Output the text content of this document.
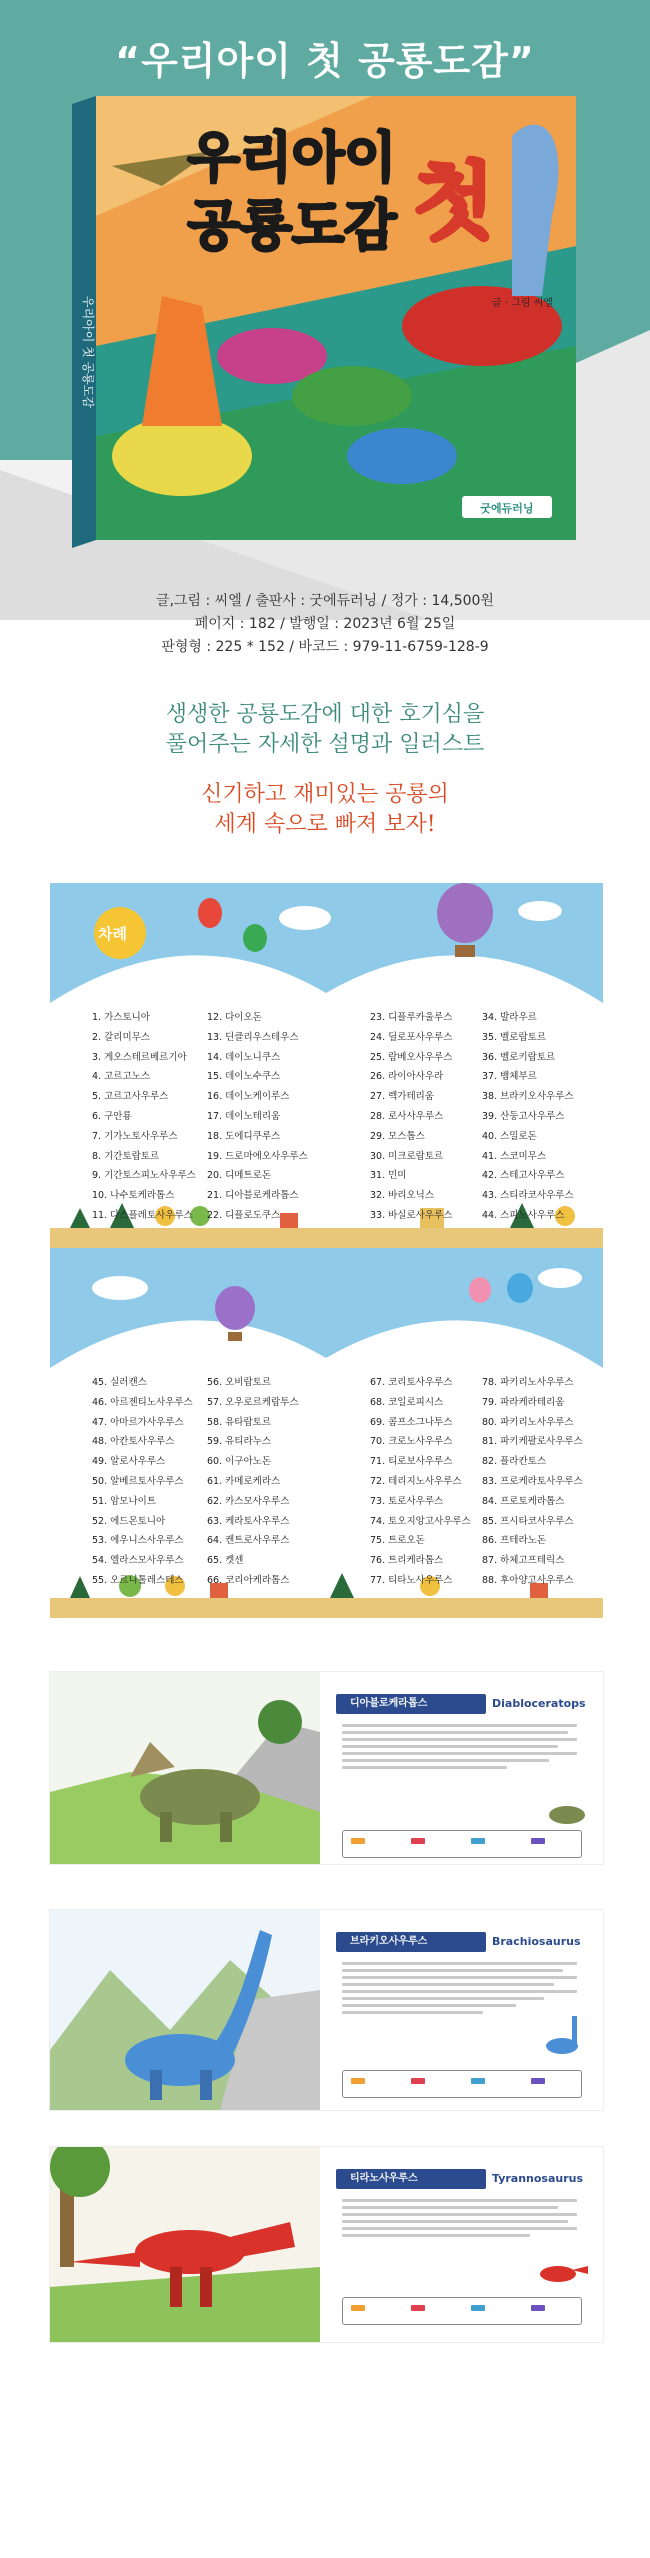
“우리아이 첫 공룡도감”
우리아이
공룡도감 첫
글 · 그림 씨엘
우리아이 첫 공룡도감
굿에듀러닝
글,그림 : 씨엘 / 출판사 : 굿에듀러닝 / 정가 : 14,500원
페이지 : 182 / 발행일 : 2023년 6월 25일
판형형 : 225 * 152 / 바코드 : 979-11-6759-128-9
생생한 공룡도감에 대한 호기심을
풀어주는 자세한 설명과 일러스트
신기하고 재미있는 공룡의
세계 속으로 빠져 보자!
차례
1. 가스토니아
2. 갈리미무스
3. 게오스테르베르기아
4. 고르고노스
5. 고르고사우루스
6. 구안룡
7. 기가노토사우루스
8. 기간토랍토르
9. 기간토스피노사우루스
10. 나수토케라톱스
11. 다스플레토사우루스
12. 다이오돈
13. 딘클리우스테우스
14. 데이노니쿠스
15. 데이노수쿠스
16. 데이노케이루스
17. 데이노테리움
18. 도에디쿠루스
19. 드로마에오사우루스
20. 디메트로돈
21. 디아블로케라톱스
22. 디플로도쿠스
23. 디플루카울루스
24. 딜로포사우루스
25. 람베오사우루스
26. 라이아사우라
27. 렉가테리움
28. 로사사우루스
29. 모스톱스
30. 미크로랍토르
31. 민미
32. 바리오닉스
33. 바실로사우루스
34. 발라우르
35. 벨로랍토르
36. 벨로키랍토르
37. 뱀체부르
38. 브라키오사우루스
39. 산둥고사우루스
40. 스밀로돈
41. 스코미무스
42. 스테고사우루스
43. 스티라코사우루스
44. 스피노사우루스
45. 실러캔스
46. 아르젠티노사우루스
47. 아마르가사우루스
48. 아칸토사우루스
49. 알로사우루스
50. 알베르토사우루스
51. 암모나이트
52. 에드몬토니아
53. 에우니스사우루스
54. 엘라스모사우루스
55. 오르니톨레스테스
56. 오비랍토르
57. 오우로르케랍투스
58. 유타랍토르
59. 유티라누스
60. 이구아노돈
61. 카메로케라스
62. 카스모사우루스
63. 케라토사우루스
64. 켄트로사우루스
65. 켓센
66. 코리아케라톱스
67. 코리토사우루스
68. 코일로피시스
69. 콤프소그나투스
70. 크로노사우루스
71. 티로보사우루스
72. 테리지노사우루스
73. 토로사우루스
74. 토오지앙고사우루스
75. 트로오돈
76. 트리케라톱스
77. 티타노사우루스
78. 파키리노사우루스
79. 파라케라테리움
80. 파키리노사우루스
81. 파키케팔로사우루스
82. 플라칸토스
83. 프로케라토사우루스
84. 프로토케라톱스
85. 프시타코사우루스
86. 프테라노돈
87. 하체고프테릭스
88. 후아양고사우루스
디아블로케라톱스	Diabloceratops
브라키오사우루스	Brachiosaurus
티라노사우루스	Tyrannosaurus
